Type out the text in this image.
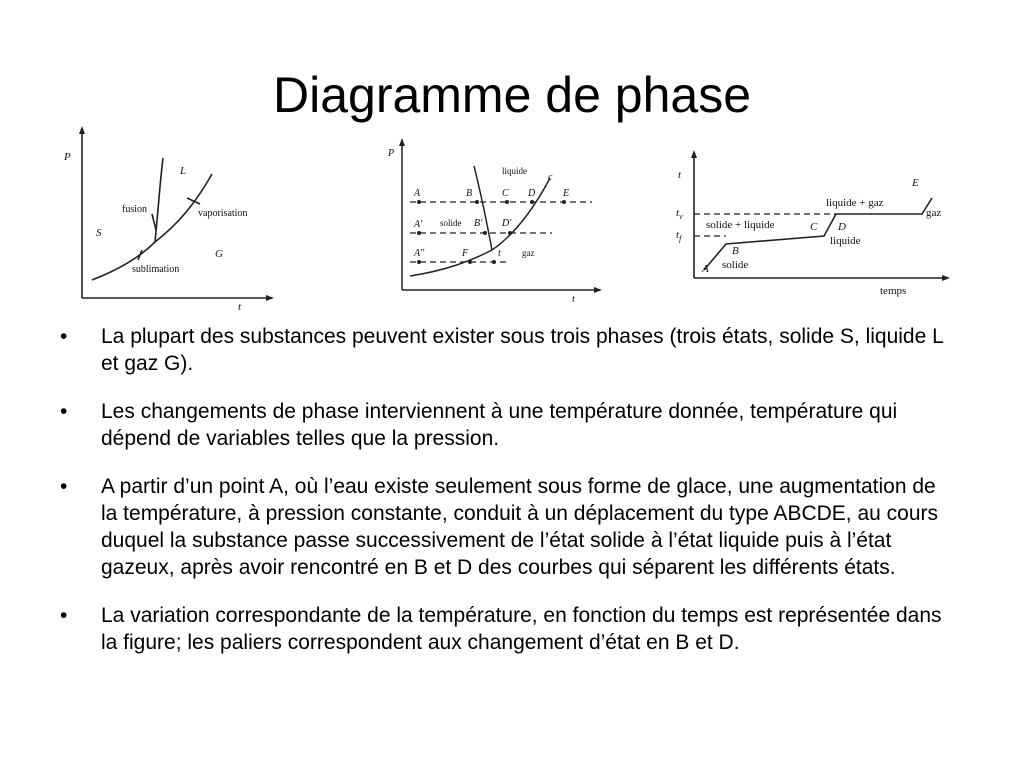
Diagramme de phase
P
t
L
S
G
fusion	vaporisation
sublimation
P
t
c
t
A	B	C D	E
A′	B′ D′
A″	F
liquide
solide
gaz
t
temps
$t_v$
$t_f$
A
B
C D
E
solide
solide + liquide
liquide + gaz
liquide
gaz
• La plupart des substances peuvent exister sous trois phases (trois états, solide S, liquide L et gaz G).
• Les changements de phase interviennent à une température donnée, température qui dépend de variables telles que la pression.
• A partir d’un point A, où l’eau existe seulement sous forme de glace, une augmentation de la température, à pression constante, conduit à un déplacement du type ABCDE, au cours duquel la substance passe successivement de l’état solide à l’état liquide puis à l’état gazeux, après avoir rencontré en B et D des courbes qui séparent les différents états.
• La variation correspondante de la température, en fonction du temps est représentée dans la figure; les paliers correspondent aux changement d’état en B et D.
